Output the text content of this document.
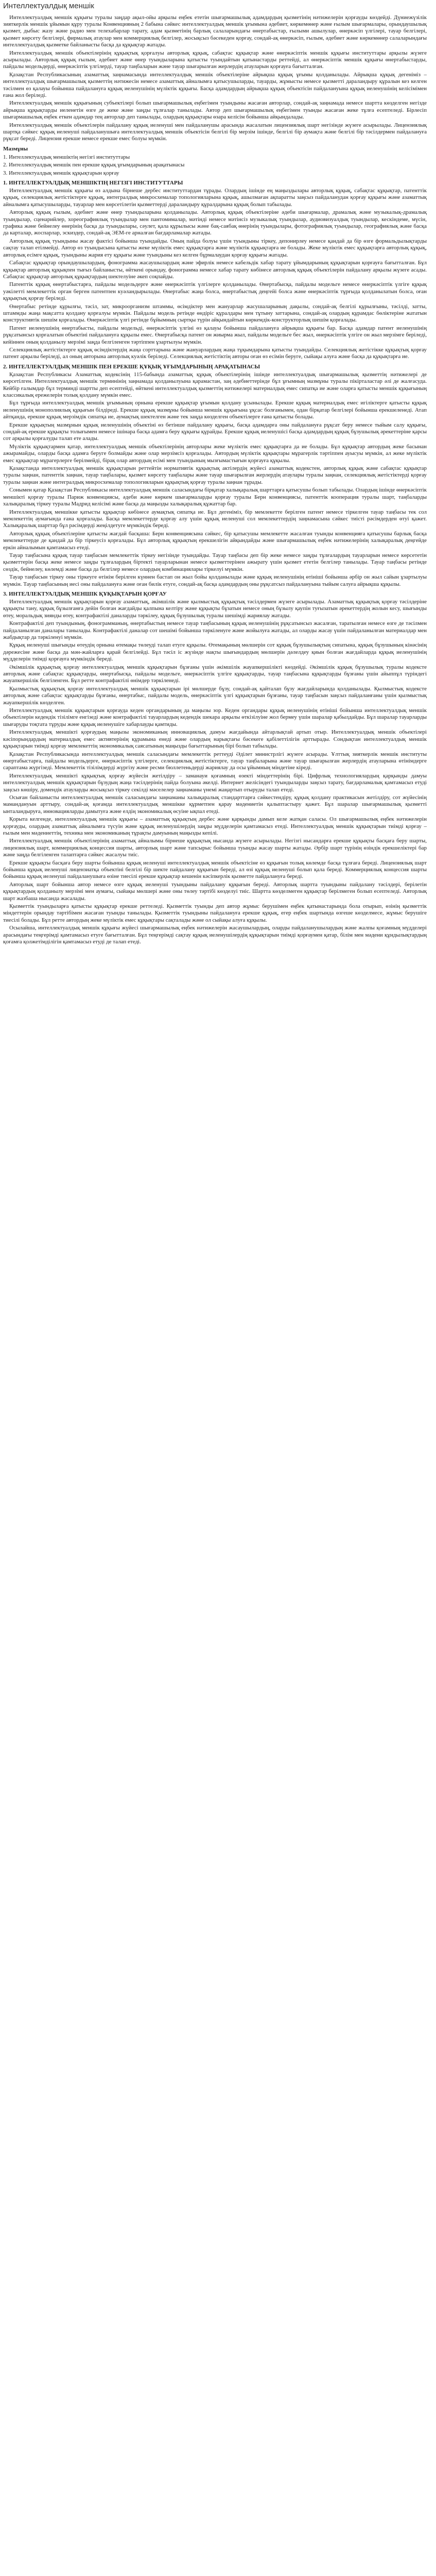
Интеллектуалдық меншік

Интеллектуалдық меншік құқығы туралы заңдар ақыл-ойы арқылы еңбек ететін шығармашылық адамдардың қызметінің нәтижелерін қорғауды көздейді. Дүниежүзілік зияткерлік меншік ұйымын құру туралы Конвенцияның 2 бабына сәйкес интеллектуалдық меншік ұғымына әдебиет, көркемөнер және ғылым шығармалары, орындаушылық қызмет, дыбыс жазу және радио мен телехабарлар тарату, адам қызметінің барлық салаларындағы өнертабыстар, ғылыми ашылулар, өнеркәсіп үлгілері, тауар белгілері, қызмет көрсету белгілері, фирмалық атаулар мен коммерциялық белгілер, жосықсыз бәсекеден қорғау, сондай-ақ өнеркәсіп, ғылым, әдебиет және көркемөнер салаларындағы интеллектуалдық қызметке байланысты басқа да құқықтар жатады.

Интеллектуалдық меншік объектілерінің құқықтық қорғалуы авторлық құқық, сабақтас құқықтар және өнеркәсіптік меншік құқығы институттары арқылы жүзеге асырылады. Авторлық құқық ғылым, әдебиет және өнер туындыларына қатысты туындайтын қатынастарды реттейді, ал өнеркәсіптік меншік құқығы өнертабыстарды, пайдалы модельдерді, өнеркәсіптік үлгілерді, тауар таңбаларын және тауар шығарылған жерлердің атауларын қорғауға бағытталған.

Қазақстан Республикасының азаматтық заңнамасында интеллектуалдық меншік объектілеріне айрықша құқық ұғымы қолданылады. Айрықша құқық дегеніміз – интеллектуалдық шығармашылық қызметтің нәтижесін немесе азаматтық айналымға қатысушыларды, тауарды, жұмысты немесе қызметті дараландыру құралын кез келген тәсілмен өз қалауы бойынша пайдалануға құқық иеленушінің мүліктік құқығы. Басқа адамдардың айрықша құқық объектісін пайдалануына құқық иеленушінің келісімімен ғана жол беріледі.

Интеллектуалдық меншік құқығының субъектілері болып шығармашылық еңбегімен туындыны жасаған авторлар, сондай-ақ заңнамада немесе шартта көзделген негізде айрықша құқықтарды иеленетін өзге де жеке және заңды тұлғалар танылады. Автор деп шығармашылық еңбегімен туынды жасаған жеке тұлға есептеледі. Бірлесіп шығармашылық еңбек еткен адамдар тең авторлар деп танылады, олардың құқықтары өзара келісім бойынша айқындалады.

Интеллектуалдық меншік объектілерін пайдалану құқық иеленуші мен пайдаланушы арасында жасалатын лицензиялық шарт негізінде жүзеге асырылады. Лицензиялық шартқа сәйкес құқық иеленуші пайдаланушыға интеллектуалдық меншік объектісін белгілі бір мерзім ішінде, белгілі бір аумақта және белгілі бір тәсілдермен пайдалануға рұқсат береді. Лицензия ерекше немесе ерекше емес болуы мүмкін.

Мазмұны

1. Интеллектуалдық меншіктің негізгі институттары

2. Интеллектуалдық меншік пен ерекше құқық ұғымдарының арақатынасы

3. Интеллектуалдық меншік құқықтарын қорғау

1. ИНТЕЛЛЕКТУАЛДЫҚ МЕНШІКТІҢ НЕГІЗГІ ИНСТИТУТТАРЫ

Интеллектуалдық меншік құқығы өз алдына бірнеше дербес институттардан тұрады. Олардың ішінде ең маңыздылары авторлық құқық, сабақтас құқықтар, патенттік құқық, селекциялық жетістіктерге құқық, интегралдық микросхемалар топологияларына құқық, ашылмаған ақпаратты заңсыз пайдаланудан қорғау құқығы және азаматтық айналымға қатысушыларды, тауарлар мен көрсетілетін қызметтерді дараландыру құралдарына құқық болып табылады.

Авторлық құқық ғылым, әдебиет және өнер туындыларына қолданылады. Авторлық құқық объектілеріне әдеби шығармалар, драмалық және музыкалық-драмалық туындылар, сценарийлер, хореографиялық туындылар мен пантомималар, мәтінді немесе мәтінсіз музыкалық туындылар, аудиовизуалдық туындылар, кескіндеме, мүсін, графика және бейнелеу өнерінің басқа да туындылары, сәулет, қала құрылысы және бақ-саябақ өнерінің туындылары, фотографиялық туындылар, географиялық және басқа да карталар, жоспарлар, эскиздер, сондай-ақ ЭЕМ-ге арналған бағдарламалар жатады.

Авторлық құқық туындыны жасау фактісі бойынша туындайды. Оның пайда болуы үшін туындыны тіркеу, депонирлеу немесе қандай да бір өзге формальдылықтарды сақтау талап етілмейді. Автор өз туындысына қатысты жеке мүліктік емес құқықтарға және мүліктік құқықтарға ие болады. Жеке мүліктік емес құқықтарға авторлық құқық, авторлық есімге құқық, туындыны жария ету құқығы және туындыны кез келген бұрмалаудан қорғау құқығы жатады.

Сабақтас құқықтар орындаушылардың, фонограмма жасаушылардың және эфирлік немесе кабельдік хабар тарату ұйымдарының құқықтарын қорғауға бағытталған. Бұл құқықтар авторлық құқықпен тығыз байланысты, өйткені орындау, фонограмма немесе хабар тарату көбінесе авторлық құқық объектілерін пайдалану арқылы жүзеге асады. Сабақтас құқықтар авторлық құқықтардың шектелуіне әкеп соқпайды.

Патенттік құқық өнертабыстарға, пайдалы модельдерге және өнеркәсіптік үлгілерге қолданылады. Өнертабысқа, пайдалы модельге немесе өнеркәсіптік үлгіге құқық уәкілетті мемлекеттік орган берген патентпен куәландырылады. Өнертабыс жаңа болса, өнертабыстық деңгейі болса және өнеркәсіптік тұрғыда қолданылатын болса, оған құқықтық қорғау беріледі.

Өнертабыс ретінде құрылғы, тәсіл, зат, микроорганизм штаммы, өсімдіктер мен жануарлар жасушаларының дақылы, сондай-ақ белгілі құрылғыны, тәсілді, затты, штаммды жаңа мақсатта қолдану қорғалуы мүмкін. Пайдалы модель ретінде өндіріс құралдары мен тұтыну заттарына, сондай-ақ олардың құрамдас бөліктеріне жататын конструктивтік шешім қорғалады. Өнеркәсіптік үлгі ретінде бұйымның сыртқы түрін айқындайтын көркемдік-конструкторлық шешім қорғалады.

Патент иеленушінің өнертабысты, пайдалы модельді, өнеркәсіптік үлгіні өз қалауы бойынша пайдалануға айрықша құқығы бар. Басқа адамдар патент иеленушінің рұқсатынсыз қорғалатын объектіні пайдалануға құқылы емес. Өнертабысқа патент он жиырма жыл, пайдалы модельге бес жыл, өнеркәсіптік үлгіге он жыл мерзімге беріледі, кейіннен оның қолданылу мерзімі заңда белгіленген тәртіппен ұзартылуы мүмкін.

Селекциялық жетістіктерге құқық өсімдіктердің жаңа сорттарына және жануарлардың жаңа тұқымдарына қатысты туындайды. Селекциялық жетістікке құқықтық қорғау патент арқылы беріледі, ал оның авторына авторлық куәлік беріледі. Селекциялық жетістіктің авторы оған өз есімін беруге, сыйақы алуға және басқа да құқықтарға ие.

2. ИНТЕЛЛЕКТУАЛДЫҚ МЕНШІК ПЕН ЕРЕКШЕ ҚҰҚЫҚ ҰҒЫМДАРЫНЫҢ АРАҚАТЫНАСЫ

Қазақстан Республикасы Азаматтық кодексінің 115-бабында азаматтық құқық объектілерінің ішінде интеллектуалдық шығармашылық қызметтің нәтижелері де көрсетілген. Интеллектуалдық меншік терминінің заңнамада қолданылуына қарамастан, заң әдебиеттерінде бұл ұғымның мазмұны туралы пікірталастар әлі де жалғасуда. Кейбір ғалымдар бұл терминді шартты деп есептейді, өйткені интеллектуалдық қызметтің нәтижелері материалдық емес сипатқа ие және оларға қатысты меншік құқығының классикалық ережелерін толық қолдану мүмкін емес.

Бұл тұрғыда интеллектуалдық меншік ұғымының орнына ерекше құқықтар ұғымын қолдану ұсынылады. Ерекше құқық материалдық емес игіліктерге қатысты құқық иеленушінің монополиялық құқығын білдіреді. Ерекше құқық мазмұны бойынша меншік құқығына ұқсас болғанымен, одан бірқатар белгілері бойынша ерекшеленеді. Атап айтқанда, ерекше құқық мерзімдік сипатқа ие, аумақтық шектелген және тек заңда көзделген объектілерге ғана қатысты болады.

Ерекше құқықтың мазмұнын құқық иеленушінің объектіні өз бетінше пайдалану құқығы, басқа адамдарға оны пайдалануға рұқсат беру немесе тыйым салу құқығы, сондай-ақ ерекше құқықты толығымен немесе ішінара басқа адамға беру құқығы құрайды. Ерекше құқық иеленушісі басқа адамдардың құқық бұзушылық әрекеттеріне қарсы сот арқылы қорғалуды талап ете алады.

Мүліктік құқықтармен қатар, интеллектуалдық меншік объектілерінің авторлары жеке мүліктік емес құқықтарға да ие болады. Бұл құқықтар автордың жеке басынан ажырамайды, оларды басқа адамға беруге болмайды және олар мерзімсіз қорғалады. Автордың мүліктік құқықтары мұрагерлік тәртіппен ауысуы мүмкін, ал жеке мүліктік емес құқықтар мұрагерлерге берілмейді, бірақ олар автордың есімі мен туындының мызғымастығын қорғауға құқылы.

Қазақстанда интеллектуалдық меншік құқықтарын реттейтін нормативтік құқықтық актілердің жүйесі азаматтық кодекстен, авторлық құқық және сабақтас құқықтар туралы заңнан, патенттік заңнан, тауар таңбалары, қызмет көрсету таңбалары және тауар шығарылған жерлердің атаулары туралы заңнан, селекциялық жетістіктерді қорғау туралы заңнан және интегралдық микросхемалар топологияларын құқықтық қорғау туралы заңнан тұрады.

Сонымен қатар Қазақстан Республикасы интеллектуалдық меншік саласындағы бірқатар халықаралық шарттарға қатысушы болып табылады. Олардың ішінде өнеркәсіптік меншікті қорғау туралы Париж конвенциясы, әдеби және көркем шығармаларды қорғау туралы Берн конвенциясы, патенттік кооперация туралы шарт, таңбаларды халықаралық тіркеу туралы Мадрид келісімі және басқа да маңызды халықаралық құжаттар бар.

Интеллектуалдық меншікке қатысты құқықтар көбінесе аумақтық сипатқа ие. Бұл дегеніміз, бір мемлекетте берілген патент немесе тіркелген тауар таңбасы тек сол мемлекеттің аумағында ғана қорғалады. Басқа мемлекеттерде қорғау алу үшін құқық иеленуші сол мемлекеттердің заңнамасына сәйкес тиісті рәсімдерден өтуі қажет. Халықаралық шарттар бұл рәсімдерді жеңілдетуге мүмкіндік береді.

Авторлық құқық объектілеріне қатысты жағдай басқаша: Берн конвенциясына сәйкес, бір қатысушы мемлекетте жасалған туынды конвенцияға қатысушы барлық басқа мемлекеттерде де қандай да бір тіркеусіз қорғалады. Бұл авторлық құқықтың ерекшелігін айқындайды және шығармашылық еңбек нәтижелерінің халықаралық деңгейде еркін айналымын қамтамасыз етеді.

Тауар таңбасына құқық тауар таңбасын мемлекеттік тіркеу негізінде туындайды. Тауар таңбасы деп бір жеке немесе заңды тұлғалардың тауарларын немесе көрсететін қызметтерін басқа жеке немесе заңды тұлғалардың біртекті тауарларынан немесе қызметтерінен ажырату үшін қызмет ететін белгілер танылады. Тауар таңбасы ретінде сөздік, бейнелеу, көлемді және басқа да белгілер немесе олардың комбинациялары тіркелуі мүмкін.

Тауар таңбасын тіркеу оны тіркеуге өтінім берілген күннен бастап он жыл бойы қолданылады және құқық иеленушінің өтініші бойынша әрбір он жыл сайын ұзартылуы мүмкін. Тауар таңбасының иесі оны пайдалануға және оған билік етуге, сондай-ақ басқа адамдардың оны рұқсатсыз пайдалануына тыйым салуға айрықша құқылы.

3. ИНТЕЛЛЕКТУАЛДЫҚ МЕНШІК ҚҰҚЫҚТАРЫН ҚОРҒАУ

Интеллектуалдық меншік құқықтарын қорғау азаматтық, әкімшілік және қылмыстық құқықтық тәсілдермен жүзеге асырылады. Азаматтық құқықтық қорғау тәсілдеріне құқықты тану, құқық бұзылғанға дейін болған жағдайды қалпына келтіру және құқықты бұзатын немесе оның бұзылу қаупін туғызатын әрекеттердің жолын кесу, шығынды өтеу, моральдық зиянды өтеу, контрафактілі даналарды тәркілеу, құқық бұзушылық туралы шешімді жариялау жатады.

Контрафактілі деп туындының, фонограмманың, өнертабыстың немесе тауар таңбасының құқық иеленушінің рұқсатынсыз жасалған, таратылған немесе өзге де тәсілмен пайдаланылған даналары танылады. Контрафактілі даналар сот шешімі бойынша тәркіленуге және жойылуға жатады, ал оларды жасау үшін пайдаланылған материалдар мен жабдықтар да тәркіленуі мүмкін.

Құқық иеленуші шығынды өтеудің орнына өтемақы төлеуді талап етуге құқылы. Өтемақының мөлшерін сот құқық бұзушылықтың сипатына, құқық бұзушының кінәсінің дәрежесіне және басқа да мән-жайларға қарай белгілейді. Бұл тәсіл іс жүзінде нақты шығындардың мөлшерін дәлелдеу қиын болған жағдайларда құқық иеленушінің мүдделерін тиімді қорғауға мүмкіндік береді.

Әкімшілік құқықтық қорғау интеллектуалдық меншік құқықтарын бұзғаны үшін әкімшілік жауапкершілікті көздейді. Әкімшілік құқық бұзушылық туралы кодексте авторлық және сабақтас құқықтарды, өнертабысқа, пайдалы модельге, өнеркәсіптік үлгіге құқықтарды, тауар таңбасына құқықтарды бұзғаны үшін айыппұл түріндегі жауапкершілік белгіленген. Бұл ретте контрафактілі өнімдер тәркіленеді.

Қылмыстық құқықтық қорғау интеллектуалдық меншік құқықтарын ірі мөлшерде бұзу, сондай-ақ қайталап бұзу жағдайларында қолданылады. Қылмыстық кодексте авторлық және сабақтас құқықтарды бұзғаны, өнертабыс, пайдалы модель, өнеркәсіптік үлгі құқықтарын бұзғаны, тауар таңбасын заңсыз пайдаланғаны үшін қылмыстық жауапкершілік көзделген.

Интеллектуалдық меншік құқықтарын қорғауда кеден органдарының да маңызы зор. Кеден органдары құқық иеленушінің өтініші бойынша интеллектуалдық меншік объектілерін кедендік тізілімге енгізеді және контрафактілі тауарлардың кедендік шекара арқылы өткізілуіне жол бермеу үшін шаралар қабылдайды. Бұл шаралар тауарларды шығаруды тоқтата тұруды және құқық иеленушіге хабарлауды қамтиды.

Интеллектуалдық меншікті қорғаудың маңызы экономиканың инновациялық дамуы жағдайында айтарлықтай артып отыр. Интеллектуалдық меншік объектілері кәсіпорындардың материалдық емес активтерінің құрамына енеді және олардың нарықтағы бәсекеге қабілеттілігін арттырады. Сондықтан интеллектуалдық меншік құқықтарын тиімді қорғау мемлекеттің экономикалық саясатының маңызды бағыттарының бірі болып табылады.

Қазақстан Республикасында интеллектуалдық меншік саласындағы мемлекеттік реттеуді Әділет министрлігі жүзеге асырады. Ұлттық зияткерлік меншік институты өнертабыстарға, пайдалы модельдерге, өнеркәсіптік үлгілерге, селекциялық жетістіктерге, тауар таңбаларына және тауар шығарылған жерлердің атауларына өтінімдерге сараптама жүргізеді. Мемлекеттік тізілімдерді жүргізу және ресми бюллетеньдерді жариялау да осы ұйымның міндетіне кіреді.

Интеллектуалдық меншікті құқықтық қорғау жүйесін жетілдіру – заманауи қоғамның өзекті міндеттерінің бірі. Цифрлық технологиялардың қарқынды дамуы интеллектуалдық меншік құқықтарын бұзудың жаңа тәсілдерінің пайда болуына әкелді. Интернет желісіндегі туындыларды заңсыз тарату, бағдарламалық қамтамасыз етуді заңсыз көшіру, домендік атауларды жосықсыз тіркеу секілді мәселелер заңнаманы үнемі жаңартып отыруды талап етеді.

Осыған байланысты интеллектуалдық меншік саласындағы заңнаманы халықаралық стандарттарға сәйкестендіру, құқық қолдану практикасын жетілдіру, сот жүйесінің мамандануын арттыру, сондай-ақ қоғамда интеллектуалдық меншікке құрметпен қарау мәдениетін қалыптастыру қажет. Бұл шаралар шығармашылық қызметті ынталандыруға, инновацияларды дамытуға және елдің экономикалық өсуіне ықпал етеді.

Қорыта келгенде, интеллектуалдық меншік құқығы – азаматтық құқықтың дербес және қарқынды дамып келе жатқан саласы. Ол шығармашылық еңбек нәтижелерін қорғауды, олардың азаматтық айналымға түсуін және құқық иеленушілердің заңды мүдделерін қамтамасыз етеді. Интеллектуалдық меншік құқықтарын тиімді қорғау – ғылым мен мәдениеттің, техника мен экономиканың тұрақты дамуының маңызды кепілі.

Интеллектуалдық меншік объектілерінің азаматтық айналымы бірнеше құқықтық нысанда жүзеге асырылады. Негізгі нысандарға ерекше құқықты басқаға беру шарты, лицензиялық шарт, коммерциялық концессия шарты, авторлық шарт және тапсырыс бойынша туынды жасау шарты жатады. Әрбір шарт түрінің өзіндік ерекшеліктері бар және заңда белгіленген талаптарға сәйкес жасалуы тиіс.

Ерекше құқықты басқаға беру шарты бойынша құқық иеленуші интеллектуалдық меншік объектісіне өз құқығын толық көлемде басқа тұлғаға береді. Лицензиялық шарт бойынша құқық иеленуші лицензиатқа объектіні белгілі бір шекте пайдалану құқығын береді, ал өзі құқық иеленуші болып қала береді. Коммерциялық концессия шарты бойынша құқық иеленуші пайдаланушыға өзіне тиесілі ерекше құқықтар кешенін кәсіпкерлік қызметте пайдалануға береді.

Авторлық шарт бойынша автор немесе өзге құқық иеленуші туындыны пайдалану құқығын береді. Авторлық шартта туындыны пайдалану тәсілдері, берілетін құқықтардың қолданылу мерзімі мен аумағы, сыйақы мөлшері және оны төлеу тәртібі көзделуі тиіс. Шартта көзделмеген құқықтар берілмеген болып есептеледі. Авторлық шарт жазбаша нысанда жасалады.

Қызметтік туындыларға қатысты құқықтар ерекше реттеледі. Қызметтік туынды деп автор жұмыс берушімен еңбек қатынастарында бола отырып, өзінің қызметтік міндеттерін орындау тәртібімен жасаған туынды танылады. Қызметтік туындыны пайдалануға ерекше құқық, егер еңбек шартында өзгеше көзделмесе, жұмыс берушіге тиесілі болады. Бұл ретте автордың жеке мүліктік емес құқықтары сақталады және ол сыйақы алуға құқылы.

Осылайша, интеллектуалдық меншік құқығы жүйесі шығармашылық еңбек нәтижелерін жасаушылардың, оларды пайдаланушылардың және жалпы қоғамның мүдделері арасындағы теңгерімді қамтамасыз етуге бағытталған. Бұл теңгерімді сақтау құқық иеленушілердің құқықтарын тиімді қорғаумен қатар, білім мен мәдени құндылықтардың қоғамға қолжетімділігін қамтамасыз етуді де талап етеді.
